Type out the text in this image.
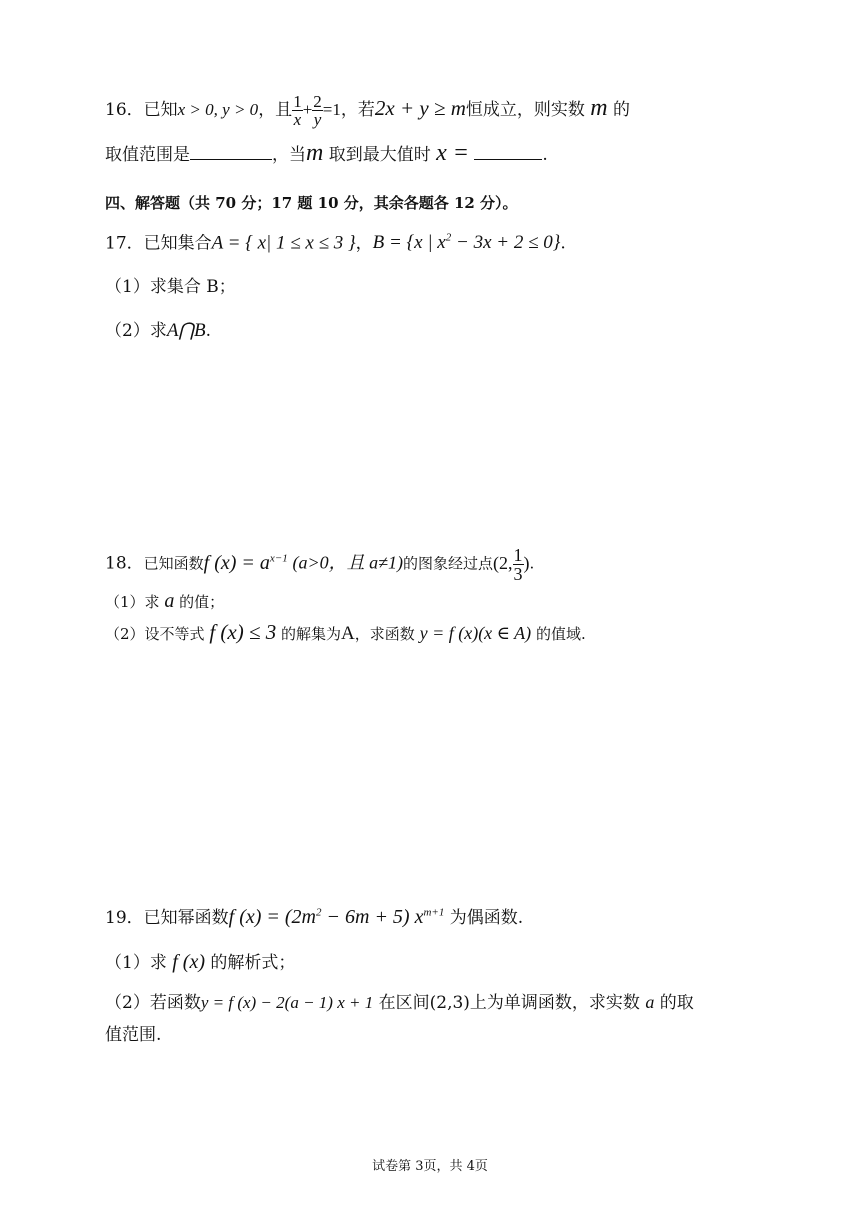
16．已知x > 0, y > 0，且 $\frac{1}{x} + \frac{2}{y} =1$，若2x + y ≥ m恒成立，则实数 m 的
取值范围是	，当m 取到最大值时 x =	.
四、解答题（共 70 分；17 题 10 分，其余各题各 12 分）。
17．已知集合A = { x| 1 ≤ x ≤ 3 }，B = {x | $x^2 - 3x + 2 \le 0$}.
（1）求集合 B；
（2）求A⋂B.
18．已知函数f $(x) = a^{x-1}$ (a>0，且 a≠1)的图象经过点(2, $\frac{1}{3}$ ).
（1）求 a 的值；
（2）设不等式 f (x) ≤ 3 的解集为A，求函数 y = f (x)(x ∈ A) 的值域.
19．已知幂函数f $(x) = (2m^2 - 6m + 5)$ $x^{m+1}$ 为偶函数.
（1）求 f (x) 的解析式；
（2）若函数y = f (x) − 2(a − 1) x + 1 在区间(2,3)上为单调函数，求实数 a 的取
值范围.
试卷第 3页，共 4页
